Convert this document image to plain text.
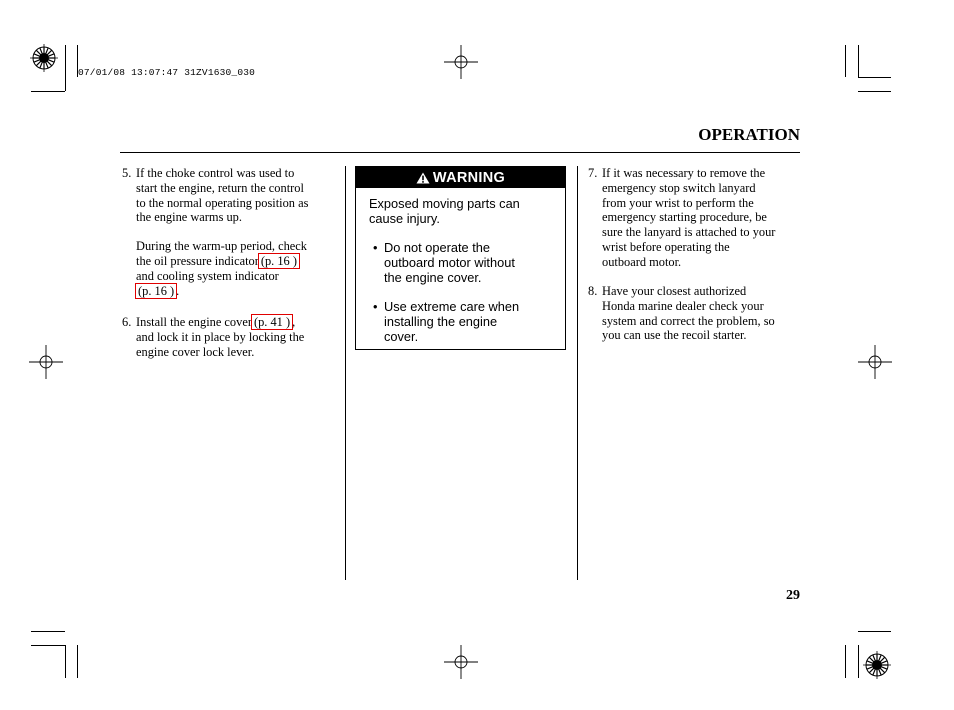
07/01/08 13:07:47 31ZV1630_030
OPERATION
5. If the choke control was used to
start the engine, return the control
to the normal operating position as
the engine warms up.
During the warm-up period, check
the oil pressure indicator (p. 16 )
and cooling system indicator
(p. 16 ) .
6. Install the engine cover (p. 41 ) ,
and lock it in place by locking the
engine cover lock lever.
WARNING
Exposed moving parts can
cause injury.
• Do not operate the
outboard motor without
the engine cover.
• Use extreme care when
installing the engine
cover.
7. If it was necessary to remove the
emergency stop switch lanyard
from your wrist to perform the
emergency starting procedure, be
sure the lanyard is attached to your
wrist before operating the
outboard motor.
8. Have your closest authorized
Honda marine dealer check your
system and correct the problem, so
you can use the recoil starter.
29
